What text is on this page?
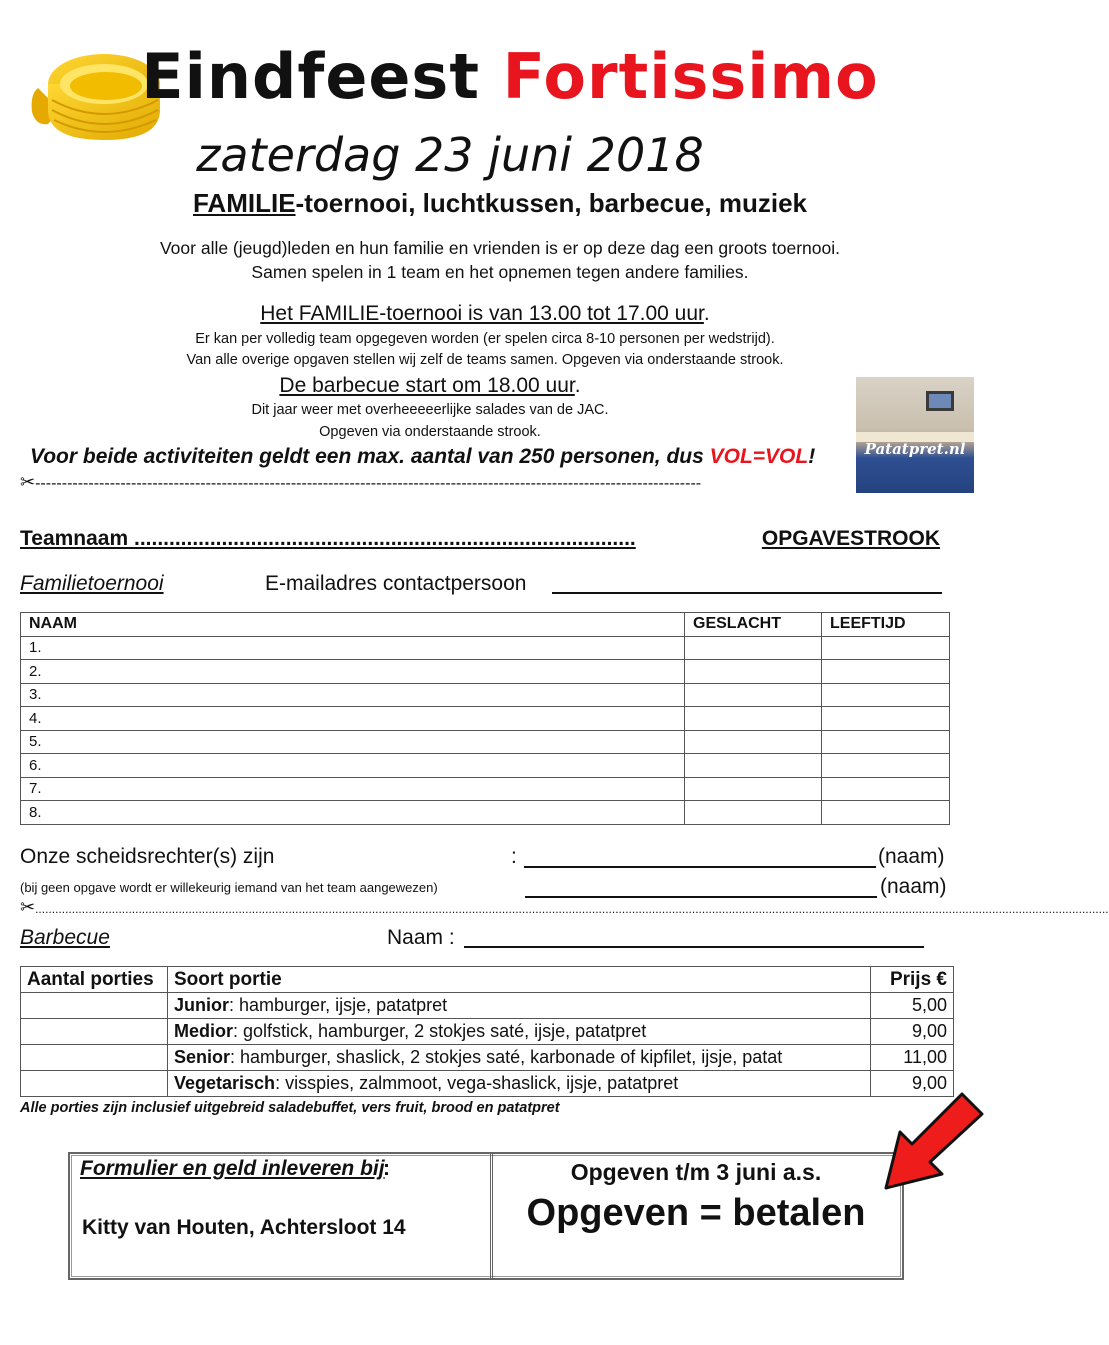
Eindfeest Fortissimo
zaterdag 23 juni 2018
FAMILIE-toernooi, luchtkussen, barbecue, muziek
Voor alle (jeugd)leden en hun familie en vrienden is er op deze dag een groots toernooi.
Samen spelen in 1 team en het opnemen tegen andere families.
Het FAMILIE-toernooi is van 13.00 tot 17.00 uur.
Er kan per volledig team opgegeven worden (er spelen circa 8-10 personen per wedstrijd).
Van alle overige opgaven stellen wij zelf de teams samen. Opgeven via onderstaande strook.
De barbecue start om 18.00 uur.
Dit jaar weer met overheeeeerlijke salades van de JAC.
Opgeven via onderstaande strook.
Voor beide activiteiten geldt een max. aantal van 250 personen, dus VOL=VOL!	Patatpret.nl
✂-----------------------------------------------------------------------------------------------------------------------------
Teamnaam ......................................................................................	OPGAVESTROOK
Familietoernooi	E-mailadres contactpersoon
NAAM	GESLACHT	LEEFTIJD
1.		
2.		
3.		
4.		
5.		
6.		
7.		
8.		
Onze scheidsrechter(s) zijn	:	(naam)
(bij geen opgave wordt er willekeurig iemand van het team aangewezen)	(naam)
✂..................................................................................................................................................................................................................................................................................................................................
Barbecue	Naam :
Aantal porties	Soort portie	Prijs €
	Junior: hamburger, ijsje, patatpret	5,00
	Medior: golfstick, hamburger, 2 stokjes saté, ijsje, patatpret	9,00
	Senior: hamburger, shaslick, 2 stokjes saté, karbonade of kipfilet, ijsje, patat	11,00
	Vegetarisch: visspies, zalmmoot, vega-shaslick, ijsje, patatpret	9,00
Alle porties zijn inclusief uitgebreid saladebuffet, vers fruit, brood en patatpret
Formulier en geld inleveren bij
:
Kitty van Houten, Achtersloot 14
Opgeven t/m 3 juni a.s.
Opgeven = betalen
